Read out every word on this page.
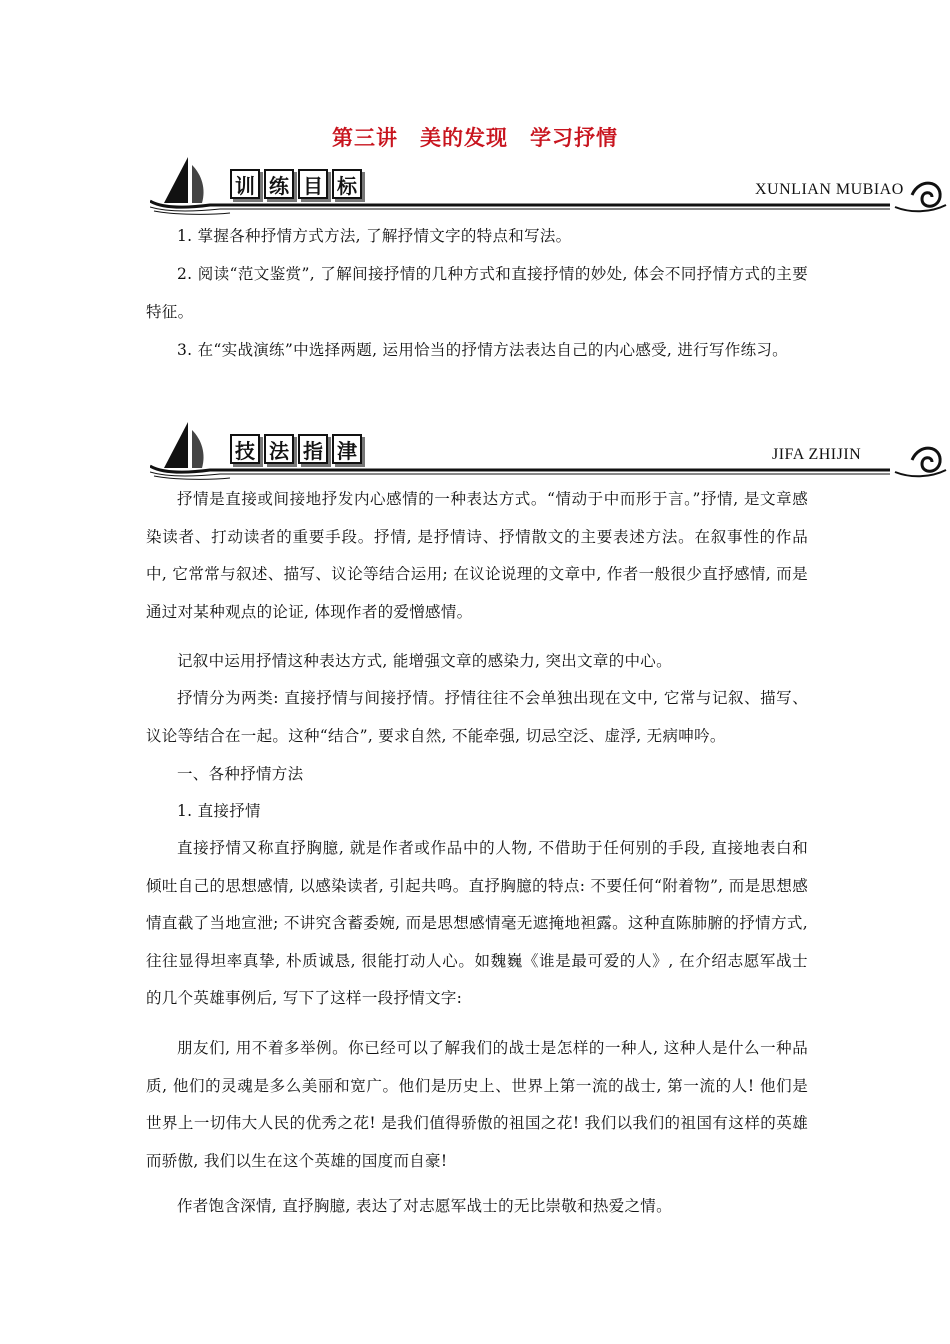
第三讲　美的发现　学习抒情
训 练 目 标	XUNLIAN MUBIAO

1. 掌握各种抒情方式方法, 了解抒情文字的特点和写法。

2. 阅读“范文鉴赏”, 了解间接抒情的几种方式和直接抒情的妙处, 体会不同抒情方式的主要特征。

3. 在“实战演练”中选择两题, 运用恰当的抒情方法表达自己的内心感受, 进行写作练习。

技 法 指 津	JIFA ZHIJIN

抒情是直接或间接地抒发内心感情的一种表达方式。“情动于中而形于言。”抒情, 是文章感染读者、打动读者的重要手段。抒情, 是抒情诗、抒情散文的主要表述方法。在叙事性的作品中, 它常常与叙述、描写、议论等结合运用; 在议论说理的文章中, 作者一般很少直抒感情, 而是通过对某种观点的论证, 体现作者的爱憎感情。

记叙中运用抒情这种表达方式, 能增强文章的感染力, 突出文章的中心。

抒情分为两类: 直接抒情与间接抒情。抒情往往不会单独出现在文中, 它常与记叙、描写、议论等结合在一起。这种“结合”, 要求自然, 不能牵强, 切忌空泛、虚浮, 无病呻吟。

一、各种抒情方法

1. 直接抒情

直接抒情又称直抒胸臆, 就是作者或作品中的人物, 不借助于任何别的手段, 直接地表白和倾吐自己的思想感情, 以感染读者, 引起共鸣。直抒胸臆的特点: 不要任何“附着物”, 而是思想感情直截了当地宣泄; 不讲究含蓄委婉, 而是思想感情毫无遮掩地袒露。这种直陈肺腑的抒情方式, 往往显得坦率真挚, 朴质诚恳, 很能打动人心。如魏巍《谁是最可爱的人》, 在介绍志愿军战士的几个英雄事例后, 写下了这样一段抒情文字:

朋友们, 用不着多举例。你已经可以了解我们的战士是怎样的一种人, 这种人是什么一种品质, 他们的灵魂是多么美丽和宽广。他们是历史上、世界上第一流的战士, 第一流的人! 他们是世界上一切伟大人民的优秀之花! 是我们值得骄傲的祖国之花! 我们以我们的祖国有这样的英雄而骄傲, 我们以生在这个英雄的国度而自豪!

作者饱含深情, 直抒胸臆, 表达了对志愿军战士的无比崇敬和热爱之情。
